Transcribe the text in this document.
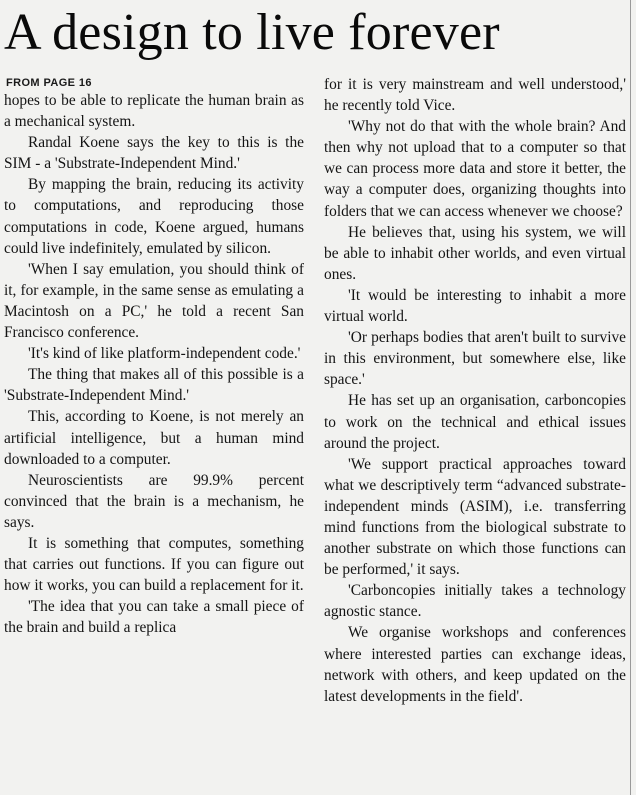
A design to live forever
FROM PAGE 16

hopes to be able to replicate the human brain as a mechanical system.

Randal Koene says the key to this is the SIM - a 'Substrate-Independent Mind.'

By mapping the brain, reducing its activity to computations, and reproducing those computations in code, Koene argued, humans could live indefinitely, emulated by silicon.

'When I say emulation, you should think of it, for example, in the same sense as emulating a Macintosh on a PC,' he told a recent San Francisco conference.

'It's kind of like platform-independent code.'

The thing that makes all of this possible is a 'Substrate-Independent Mind.'

This, according to Koene, is not merely an artificial intelligence, but a human mind downloaded to a computer.

Neuroscientists are 99.9% percent convinced that the brain is a mechanism, he says.

It is something that computes, something that carries out functions. If you can figure out how it works, you can build a replacement for it.

'The idea that you can take a small piece of the brain and build a replica

for it is very mainstream and well understood,' he recently told Vice.

'Why not do that with the whole brain? And then why not upload that to a computer so that we can process more data and store it better, the way a computer does, organizing thoughts into folders that we can access whenever we choose?

He believes that, using his system, we will be able to inhabit other worlds, and even virtual ones.

'It would be interesting to inhabit a more virtual world.

'Or perhaps bodies that aren't built to survive in this environment, but somewhere else, like space.'

He has set up an organisation, carboncopies to work on the technical and ethical issues around the project.

'We support practical approaches toward what we descriptively term “advanced substrate-independent minds (ASIM), i.e. transferring mind functions from the biological substrate to another substrate on which those functions can be performed,' it says.

'Carboncopies initially takes a technology agnostic stance.

We organise workshops and conferences where interested parties can exchange ideas, network with others, and keep updated on the latest developments in the field'.
